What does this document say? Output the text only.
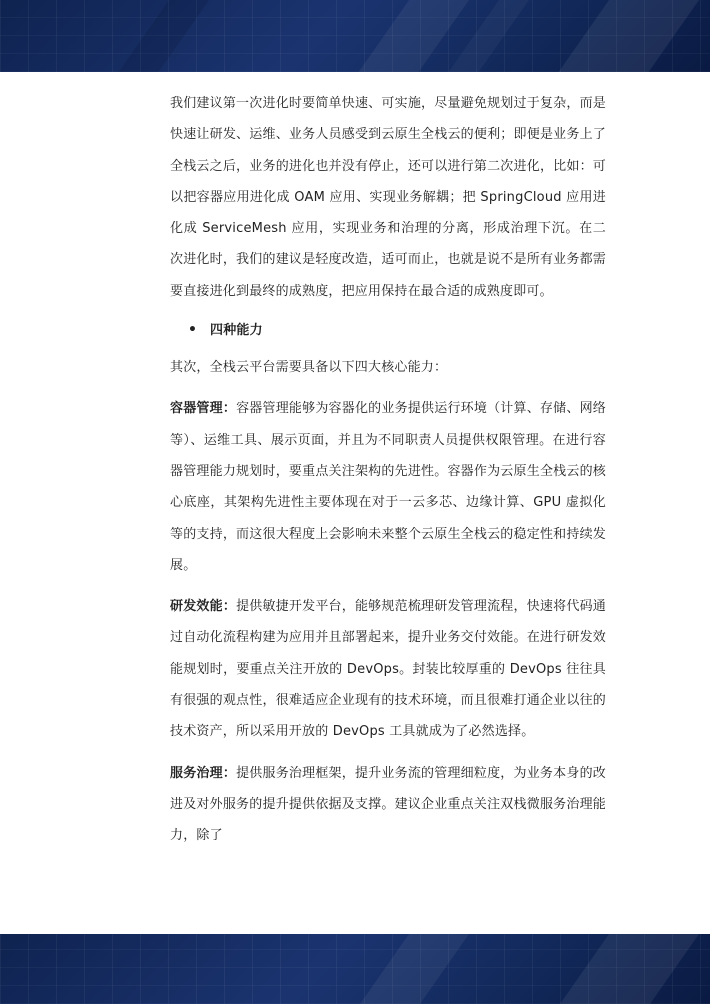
我们建议第一次进化时要简单快速、可实施，尽量避免规划过于复杂，而是快速让研发、运维、业务人员感受到云原生全栈云的便利；即便是业务上了全栈云之后，业务的进化也并没有停止，还可以进行第二次进化，比如：可以把容器应用进化成 OAM 应用、实现业务解耦；把 SpringCloud 应用进化成 ServiceMesh 应用，实现业务和治理的分离，形成治理下沉。在二次进化时，我们的建议是轻度改造，适可而止，也就是说不是所有业务都需要直接进化到最终的成熟度，把应用保持在最合适的成熟度即可。

• 四种能力

其次，全栈云平台需要具备以下四大核心能力：

容器管理：容器管理能够为容器化的业务提供运行环境（计算、存储、网络等）、运维工具、展示页面，并且为不同职责人员提供权限管理。在进行容器管理能力规划时，要重点关注架构的先进性。容器作为云原生全栈云的核心底座，其架构先进性主要体现在对于一云多芯、边缘计算、GPU 虚拟化等的支持，而这很大程度上会影响未来整个云原生全栈云的稳定性和持续发展。

研发效能：提供敏捷开发平台，能够规范梳理研发管理流程，快速将代码通过自动化流程构建为应用并且部署起来，提升业务交付效能。在进行研发效能规划时，要重点关注开放的 DevOps。封装比较厚重的 DevOps 往往具有很强的观点性，很难适应企业现有的技术环境，而且很难打通企业以往的技术资产，所以采用开放的 DevOps 工具就成为了必然选择。

服务治理：提供服务治理框架，提升业务流的管理细粒度，为业务本身的改进及对外服务的提升提供依据及支撑。建议企业重点关注双栈微服务治理能力，除了
